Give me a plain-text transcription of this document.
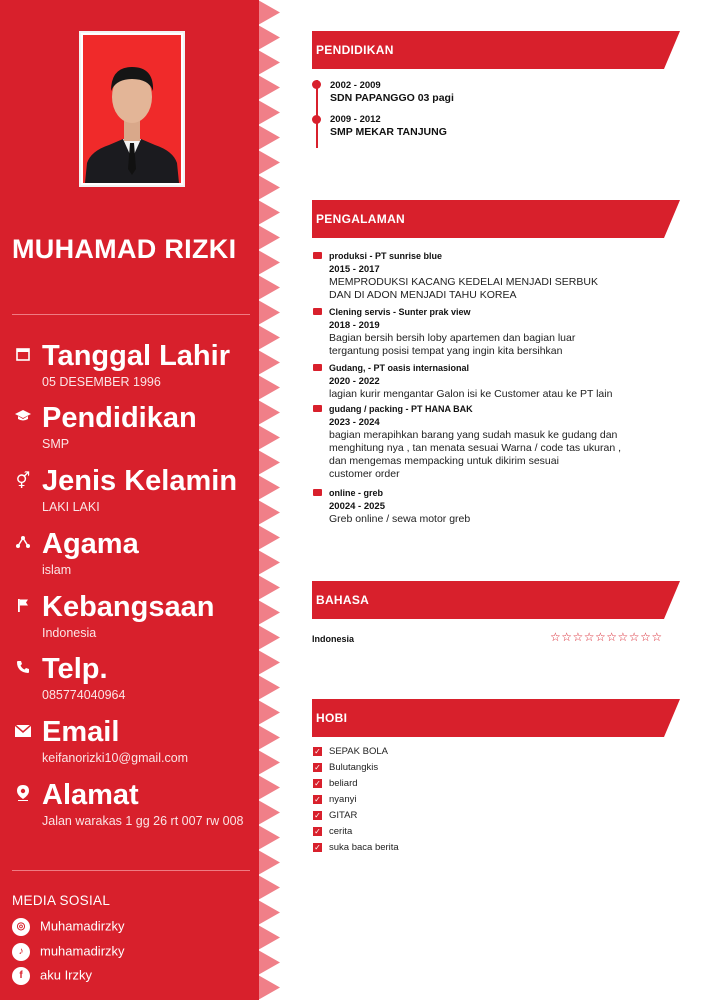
MUHAMAD RIZKI
Tanggal Lahir
05 DESEMBER 1996
Pendidikan
SMP
⚥ Jenis Kelamin
LAKI LAKI
Agama
islam
Kebangsaan
Indonesia
Telp.
085774040964
Email
keifanorizki10@gmail.com
Alamat
Jalan warakas 1 gg 26 rt 007 rw 008
MEDIA SOSIAL
◎ Muhamadirzky
♪ muhamadirzky
f aku Irzky
PENDIDIKAN
2002 - 2009
SDN PAPANGGO 03 pagi
2009 - 2012
SMP MEKAR TANJUNG
PENGALAMAN
produksi - PT sunrise blue
2015 - 2017
MEMPRODUKSI KACANG KEDELAI MENJADI SERBUK
DAN DI ADON MENJADI TAHU KOREA
Clening servis - Sunter prak view
2018 - 2019
Bagian bersih bersih loby apartemen dan bagian luar
tergantung posisi tempat yang ingin kita bersihkan
Gudang, - PT oasis internasional
2020 - 2022
lagian kurir mengantar Galon isi ke Customer atau ke PT lain
gudang / packing - PT HANA BAK
2023 - 2024
bagian merapihkan barang yang sudah masuk ke gudang dan
menghitung nya , tan menata sesuai Warna / code tas ukuran ,
dan mengemas mempacking untuk dikirim sesuai
customer order
online - greb
20024 - 2025
Greb online / sewa motor greb
BAHASA
Indonesia	☆☆☆☆☆☆☆☆☆☆
HOBI
✓ SEPAK BOLA
✓ Bulutangkis
✓ beliard
✓ nyanyi
✓ GITAR
✓ cerita
✓ suka baca berita
